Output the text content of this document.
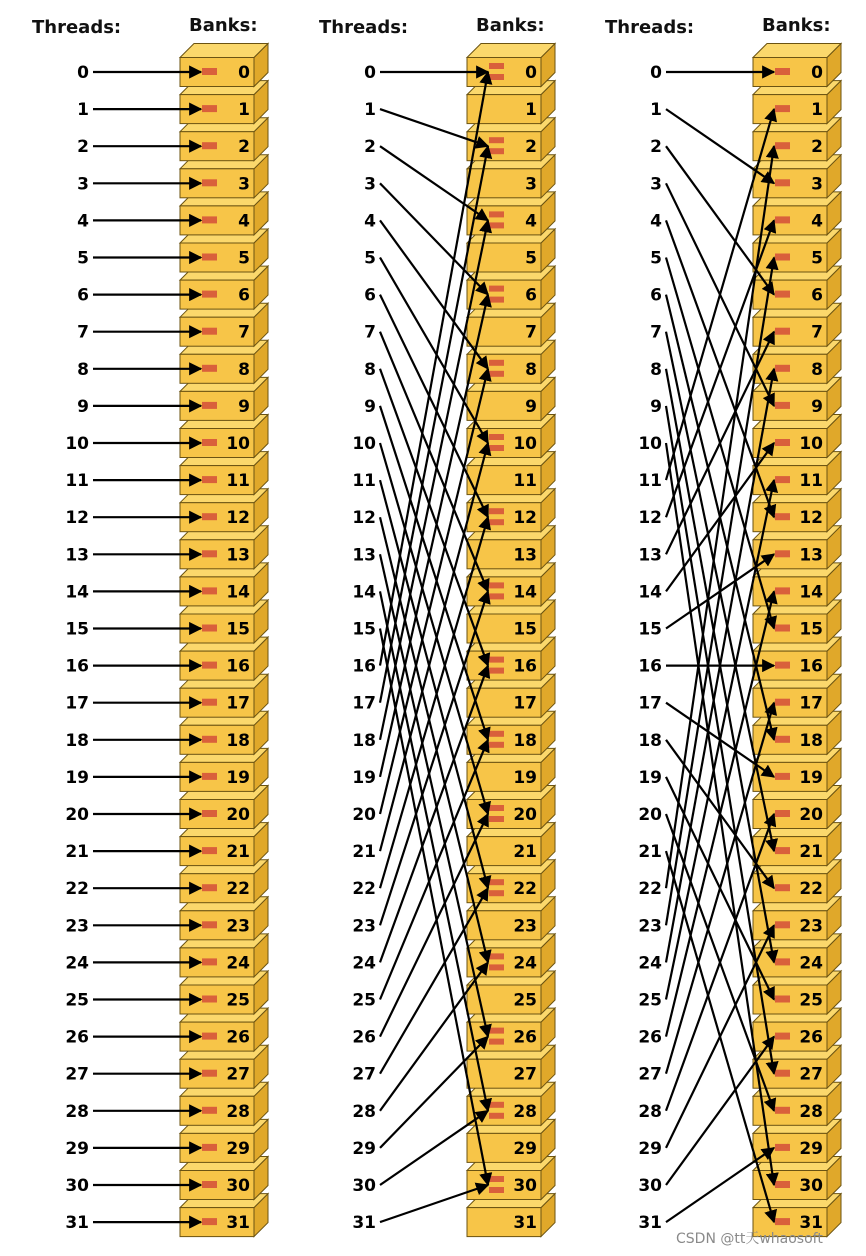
Threads:	Banks:
31
30
29
28
27
26
25
24
23
22
21
20
19
18
17
16
15
14
13
12
11
10
9
8
7
6
5
4
3
2
1
0
0
1
2
3
4
5
6
7
8
9
10
11
12
13
14
15
16
17
18
19
20
21
22
23
24
25
26
27
28
29
30
31
Threads:	Banks:
31
30
29
28
27
26
25
24
23
22
21
20
19
18
17
16
15
14
13
12
11
10
9
8
7
6
5
4
3
2
1
0
0
1
2
3
4
5
6
7
8
9
10
11
12
13
14
15
16
17
18
19
20
21
22
23
24
25
26
27
28
29
30
31
Threads:	Banks:
31
30
29
28
27
26
25
24
23
22
21
20
19
18
17
16
15
14
13
12
11
10
9
8
7
6
5
4
3
2
1
0
0
1
2
3
4
5
6
7
8
9
10
11
12
13
14
15
16
17
18
19
20
21
22
23
24
25
26
27
28
29
30
31
CSDN @tt天whaosoft
